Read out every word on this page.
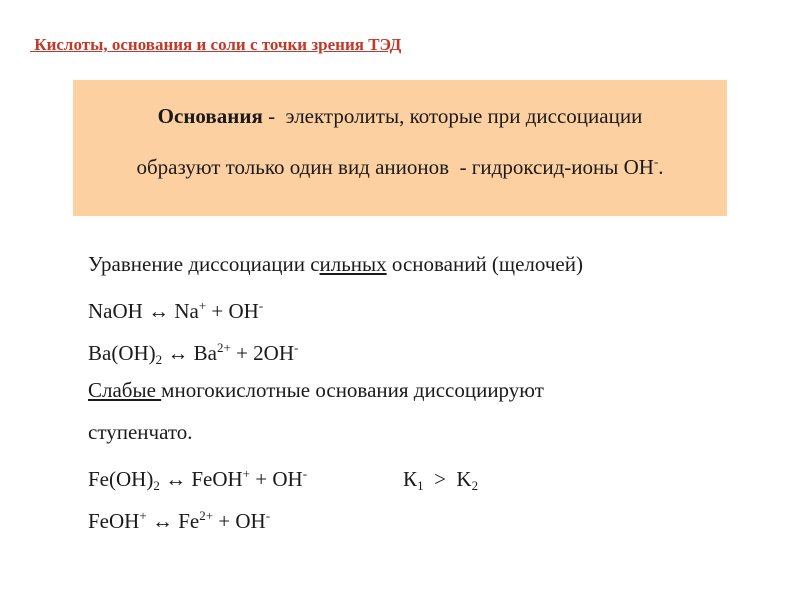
Кислоты, основания и соли с точки зрения ТЭД
Основания -  электролиты, которые при диссоциации
образуют только один вид анионов  - гидроксид-ионы ОН-.
Уравнение диссоциации сильных оснований (щелочей)
NaOH ↔ Na+ + OH-
$Ba(OH)_2$ ↔ $Ba^{2+} + 2OH^-$
Слабые многокислотные основания диссоциируют
ступенчато.
$Fe(OH)_2$ ↔ FeOH+ + OH-	$К_1 > K_2$
FeOH+ ↔ $Fe^{2+} + OH^-$
